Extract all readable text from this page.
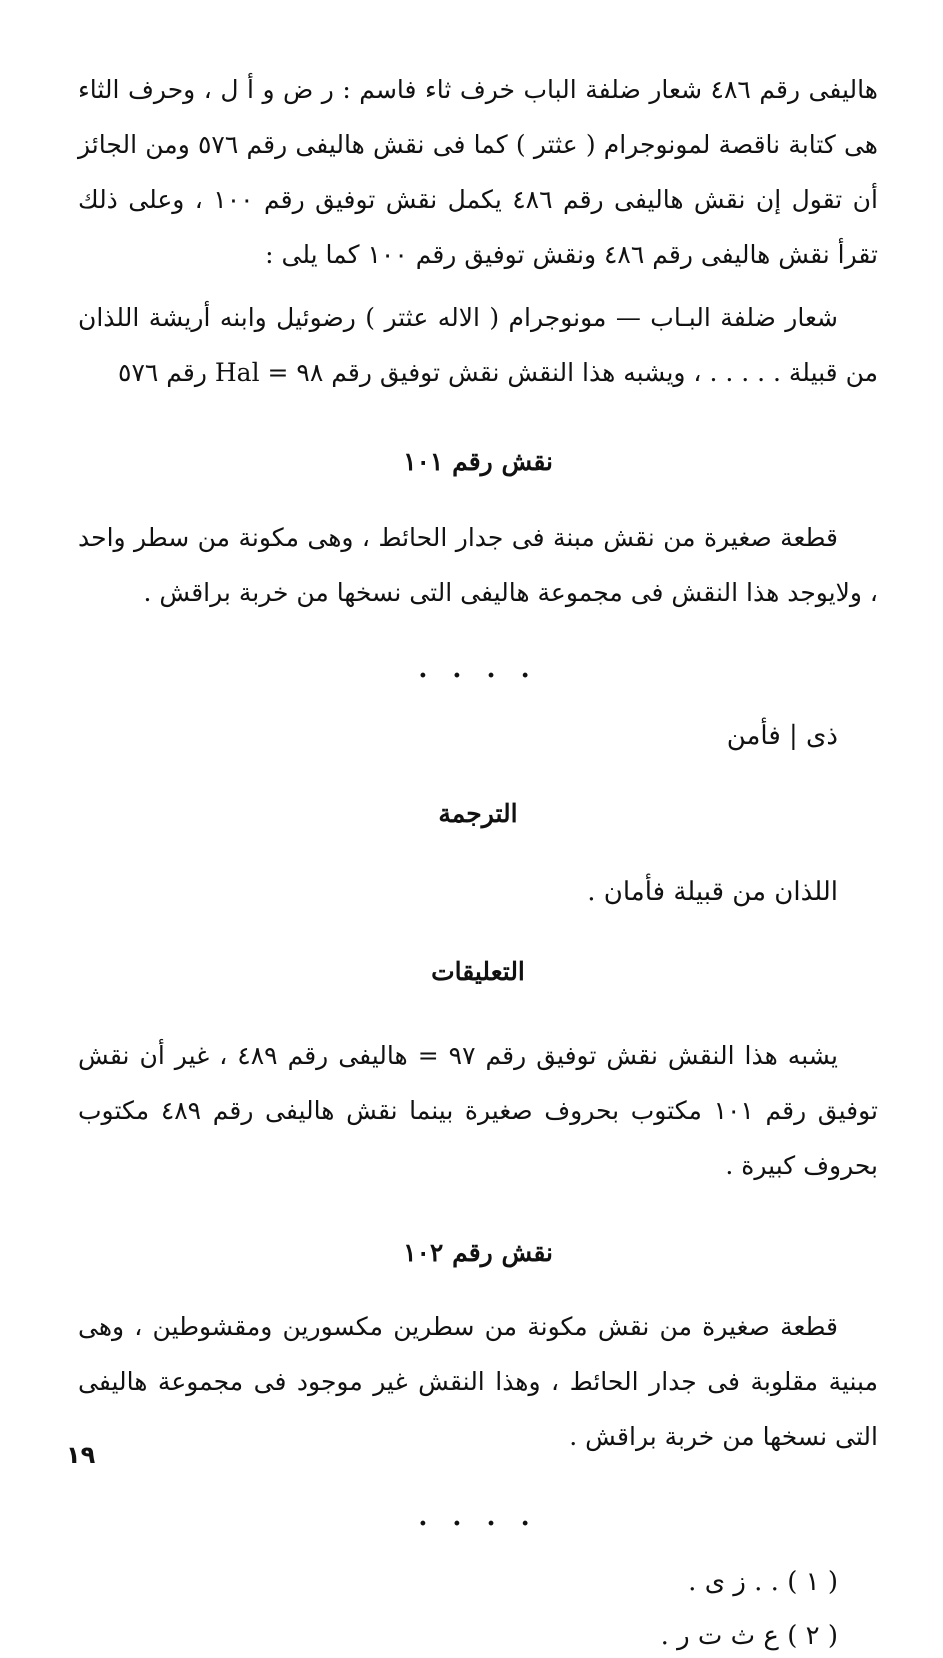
هاليفى رقم ٤٨٦ شعار ضلفة الباب خرف ثاء فاسم : ر ض و أ ل ، وحرف الثاء هى كتابة ناقصة لمونوجرام ( عثتر ) كما فى نقش هاليفى رقم ٥٧٦ ومن الجائز أن تقول إن نقش هاليفى رقم ٤٨٦ يكمل نقش توفيق رقم ١٠٠ ، وعلى ذلك تقرأ نقش هاليفى رقم ٤٨٦ ونقش توفيق رقم ١٠٠ كما يلى :

شعار ضلفة البـاب — مونوجرام ( الاله عثتر ) رضوئيل وابنه أريشة اللذان من قبيلة . . . . . ، ويشبه هذا النقش نقش توفيق رقم ٩٨ = Hal رقم ٥٧٦

نقش رقم ١٠١

قطعة صغيرة من نقش مبنة فى جدار الحائط ، وهى مكونة من سطر واحد ، ولايوجد هذا النقش فى مجموعة هاليفى التى نسخها من خربة براقش .

. . . .

ذى | فأمن

الترجمة

اللذان من قبيلة فأمان .

التعليقات

يشبه هذا النقش نقش توفيق رقم ٩٧ = هاليفى رقم ٤٨٩ ، غير أن نقش توفيق رقم ١٠١ مكتوب بحروف صغيرة بينما نقش هاليفى رقم ٤٨٩ مكتوب بحروف كبيرة .

نقش رقم ١٠٢

قطعة صغيرة من نقش مكونة من سطرين مكسورين ومقشوطين ، وهى مبنية مقلوبة فى جدار الحائط ، وهذا النقش غير موجود فى مجموعة هاليفى التى نسخها من خربة براقش .

. . . .

( ١ ) . . ز ى .

( ٢ ) ع ث ت ر .

١٩
